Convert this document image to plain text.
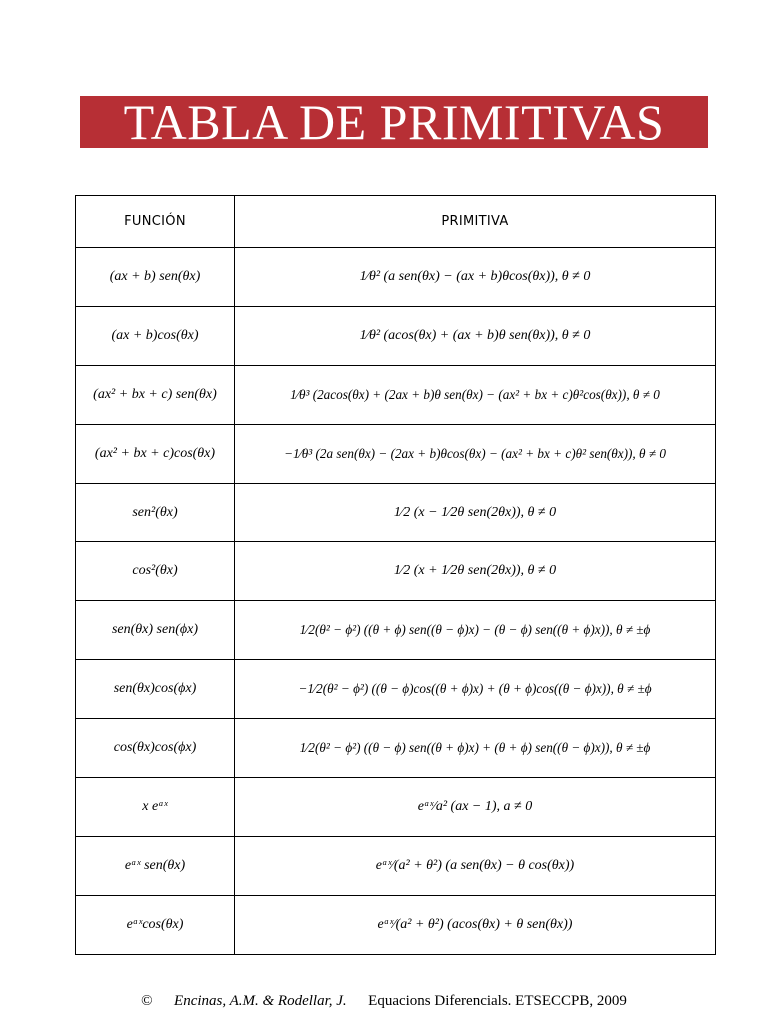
TABLA DE PRIMITIVAS
FUNCIÓN	PRIMITIVA
(ax + b) sen(θx)	1⁄θ² (a sen(θx) − (ax + b)θcos(θx)), θ ≠ 0
(ax + b)cos(θx)	1⁄θ² (acos(θx) + (ax + b)θ sen(θx)), θ ≠ 0
(ax² + bx + c) sen(θx)	1⁄θ³ (2acos(θx) + (2ax + b)θ sen(θx) − (ax² + bx + c)θ²cos(θx)), θ ≠ 0
(ax² + bx + c)cos(θx)	−1⁄θ³ (2a sen(θx) − (2ax + b)θcos(θx) − (ax² + bx + c)θ² sen(θx)), θ ≠ 0
sen²(θx)	1⁄2 (x − 1⁄2θ sen(2θx)), θ ≠ 0
cos²(θx)	1⁄2 (x + 1⁄2θ sen(2θx)), θ ≠ 0
sen(θx) sen(ϕx)	1⁄2(θ² − ϕ²) ((θ + ϕ) sen((θ − ϕ)x) − (θ − ϕ) sen((θ + ϕ)x)), θ ≠ ±ϕ
sen(θx)cos(ϕx)	−1⁄2(θ² − ϕ²) ((θ − ϕ)cos((θ + ϕ)x) + (θ + ϕ)cos((θ − ϕ)x)), θ ≠ ±ϕ
cos(θx)cos(ϕx)	1⁄2(θ² − ϕ²) ((θ − ϕ) sen((θ + ϕ)x) + (θ + ϕ) sen((θ − ϕ)x)), θ ≠ ±ϕ
x eᵃˣ	eᵃˣ⁄a² (ax − 1), a ≠ 0
eᵃˣ sen(θx)	eᵃˣ⁄(a² + θ²) (a sen(θx) − θ cos(θx))
eᵃˣcos(θx)	eᵃˣ⁄(a² + θ²) (acos(θx) + θ sen(θx))
© Encinas, A.M. & Rodellar, J. Equacions Diferencials. ETSECCPB, 2009
